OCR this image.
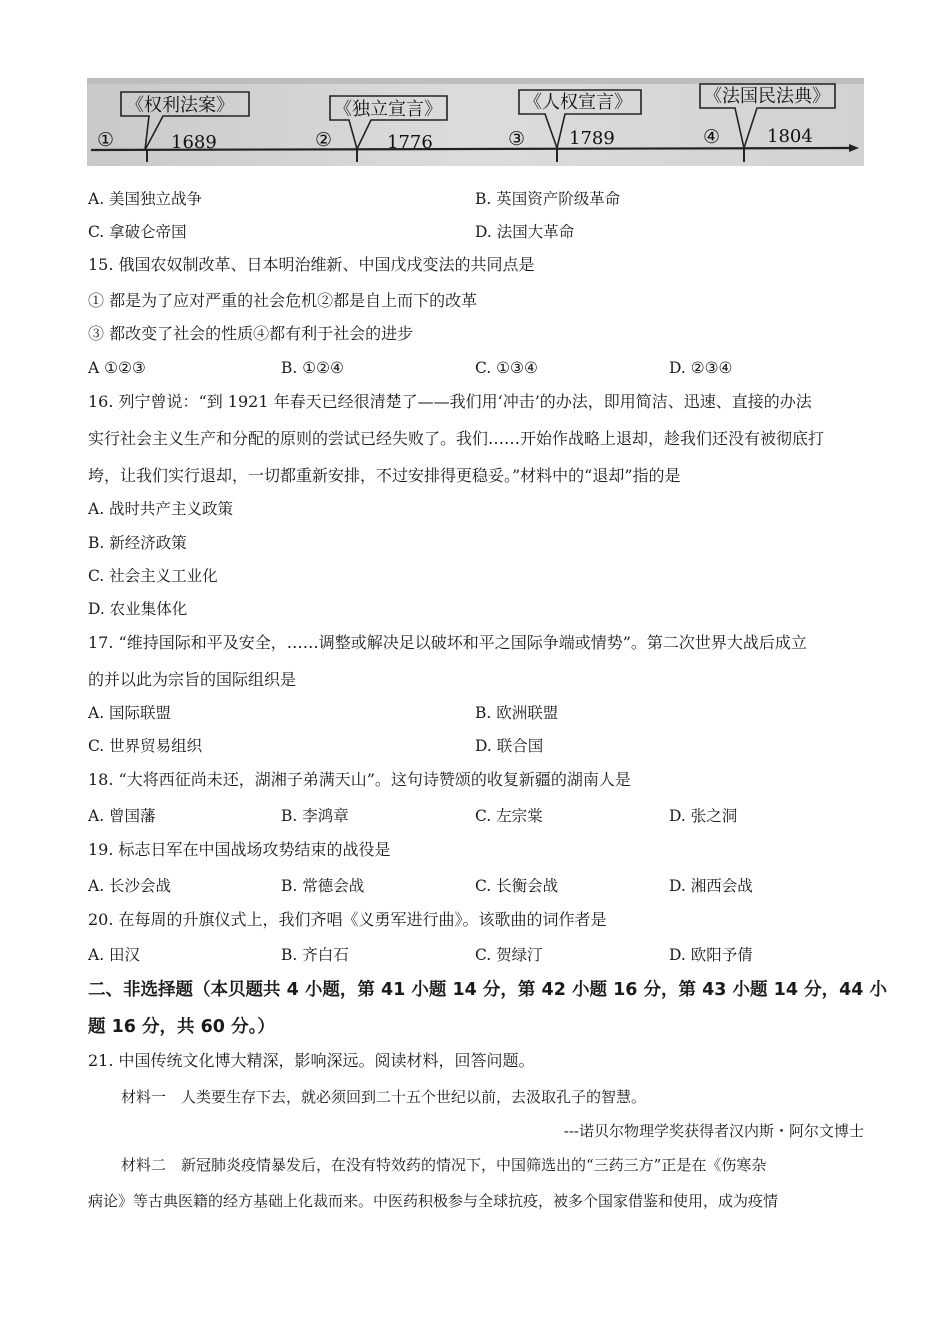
《权利法案》	《独立宣言》	《人权宣言》	《法国民法典》
①	②	③	④
1689	1776	1789	1804
A. 美国独立战争	B. 英国资产阶级革命
C. 拿破仑帝国	D. 法国大革命
15. 俄国农奴制改革、日本明治维新、中国戊戌变法的共同点是
① 都是为了应对严重的社会危机②都是自上而下的改革
③ 都改变了社会的性质④都有利于社会的进步
A ①②③	B. ①②④	C. ①③④	D. ②③④
16. 列宁曾说：“到 1921 年春天已经很清楚了——我们用‘冲击’的办法，即用简洁、迅速、直接的办法
实行社会主义生产和分配的原则的尝试已经失败了。我们……开始作战略上退却，趁我们还没有被彻底打
垮，让我们实行退却，一切都重新安排，不过安排得更稳妥。”材料中的“退却”指的是
A. 战时共产主义政策
B. 新经济政策
C. 社会主义工业化
D. 农业集体化
17. “维持国际和平及安全，……调整或解决足以破坏和平之国际争端或情势”。第二次世界大战后成立
的并以此为宗旨的国际组织是
A. 国际联盟	B. 欧洲联盟
C. 世界贸易组织	D. 联合国
18. “大将西征尚未还，湖湘子弟满天山”。这句诗赞颂的收复新疆的湖南人是
A. 曾国藩	B. 李鸿章	C. 左宗棠	D. 张之洞
19. 标志日军在中国战场攻势结束的战役是
A. 长沙会战	B. 常德会战	C. 长衡会战	D. 湘西会战
20. 在每周的升旗仪式上，我们齐唱《义勇军进行曲》。该歌曲的词作者是
A. 田汉	B. 齐白石	C. 贺绿汀	D. 欧阳予倩
二、非选择题（本贝题共 4 小题，第 41 小题 14 分，第 42 小题 16 分，第 43 小题 14 分，44 小
题 16 分，共 60 分。）
21. 中国传统文化博大精深，影响深远。阅读材料，回答问题。
材料一　人类要生存下去，就必须回到二十五个世纪以前，去汲取孔子的智慧。
---诺贝尔物理学奖获得者汉内斯・阿尔文博士
材料二　新冠肺炎疫情暴发后，在没有特效药的情况下，中国筛选出的“三药三方”正是在《伤寒杂
病论》等古典医籍的经方基础上化裁而来。中医药积极参与全球抗疫，被多个国家借鉴和使用，成为疫情
